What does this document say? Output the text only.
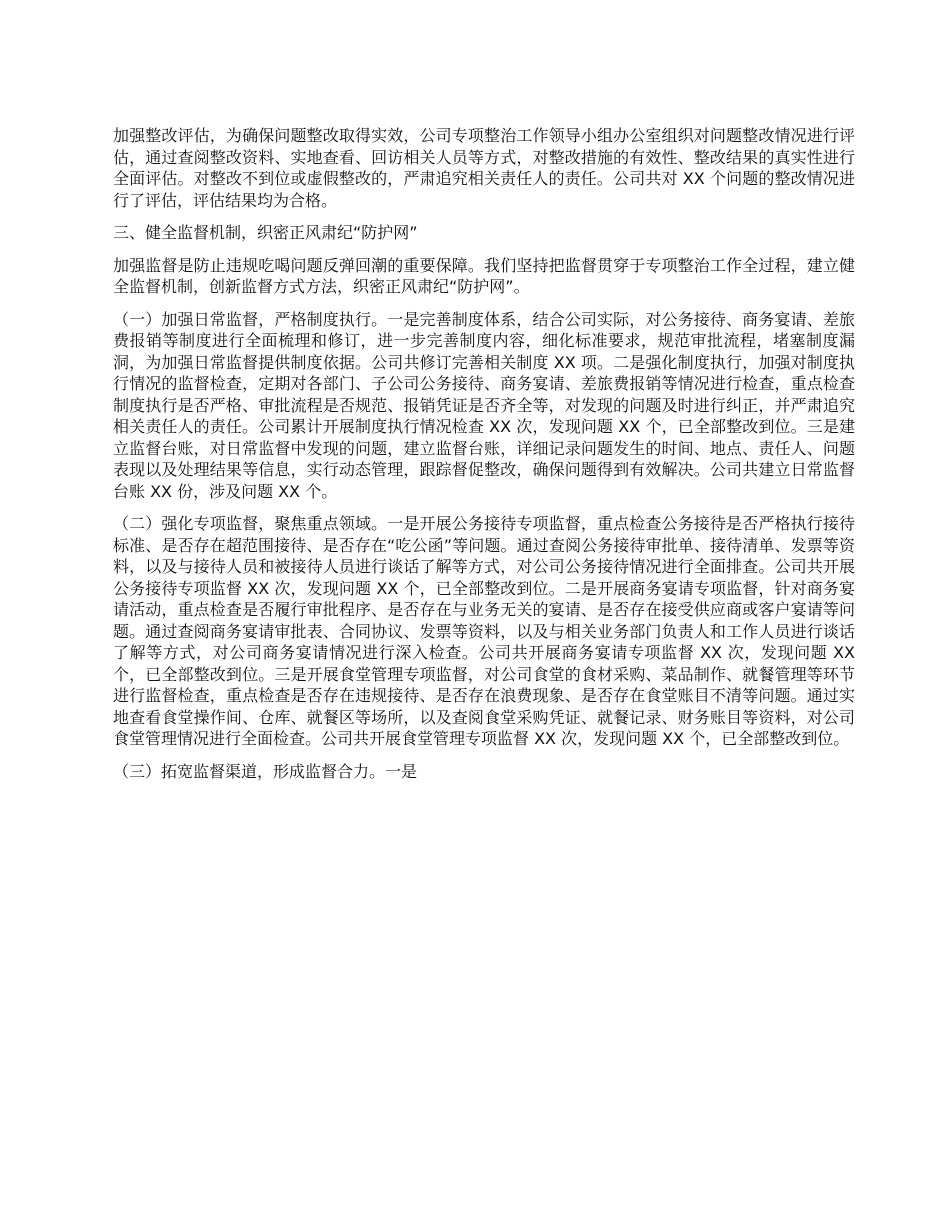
加强整改评估，为确保问题整改取得实效，公司专项整治工作领导小组办公室组织对问题整改情况进行评估，通过查阅整改资料、实地查看、回访相关人员等方式，对整改措施的有效性、整改结果的真实性进行全面评估。对整改不到位或虚假整改的，严肃追究相关责任人的责任。公司共对 XX 个问题的整改情况进行了评估，评估结果均为合格。

三、健全监督机制，织密正风肃纪“防护网”

加强监督是防止违规吃喝问题反弹回潮的重要保障。我们坚持把监督贯穿于专项整治工作全过程，建立健全监督机制，创新监督方式方法，织密正风肃纪“防护网”。

（一）加强日常监督，严格制度执行。一是完善制度体系，结合公司实际，对公务接待、商务宴请、差旅费报销等制度进行全面梳理和修订，进一步完善制度内容，细化标准要求，规范审批流程，堵塞制度漏洞，为加强日常监督提供制度依据。公司共修订完善相关制度 XX 项。二是强化制度执行，加强对制度执行情况的监督检查，定期对各部门、子公司公务接待、商务宴请、差旅费报销等情况进行检查，重点检查制度执行是否严格、审批流程是否规范、报销凭证是否齐全等，对发现的问题及时进行纠正，并严肃追究相关责任人的责任。公司累计开展制度执行情况检查 XX 次，发现问题 XX 个，已全部整改到位。三是建立监督台账，对日常监督中发现的问题，建立监督台账，详细记录问题发生的时间、地点、责任人、问题表现以及处理结果等信息，实行动态管理，跟踪督促整改，确保问题得到有效解决。公司共建立日常监督台账 XX 份，涉及问题 XX 个。

（二）强化专项监督，聚焦重点领域。一是开展公务接待专项监督，重点检查公务接待是否严格执行接待标准、是否存在超范围接待、是否存在“吃公函”等问题。通过查阅公务接待审批单、接待清单、发票等资料，以及与接待人员和被接待人员进行谈话了解等方式，对公司公务接待情况进行全面排查。公司共开展公务接待专项监督 XX 次，发现问题 XX 个，已全部整改到位。二是开展商务宴请专项监督，针对商务宴请活动，重点检查是否履行审批程序、是否存在与业务无关的宴请、是否存在接受供应商或客户宴请等问题。通过查阅商务宴请审批表、合同协议、发票等资料，以及与相关业务部门负责人和工作人员进行谈话了解等方式，对公司商务宴请情况进行深入检查。公司共开展商务宴请专项监督 XX 次，发现问题 XX 个，已全部整改到位。三是开展食堂管理专项监督，对公司食堂的食材采购、菜品制作、就餐管理等环节进行监督检查，重点检查是否存在违规接待、是否存在浪费现象、是否存在食堂账目不清等问题。通过实地查看食堂操作间、仓库、就餐区等场所，以及查阅食堂采购凭证、就餐记录、财务账目等资料，对公司食堂管理情况进行全面检查。公司共开展食堂管理专项监督 XX 次，发现问题 XX 个，已全部整改到位。

（三）拓宽监督渠道，形成监督合力。一是
